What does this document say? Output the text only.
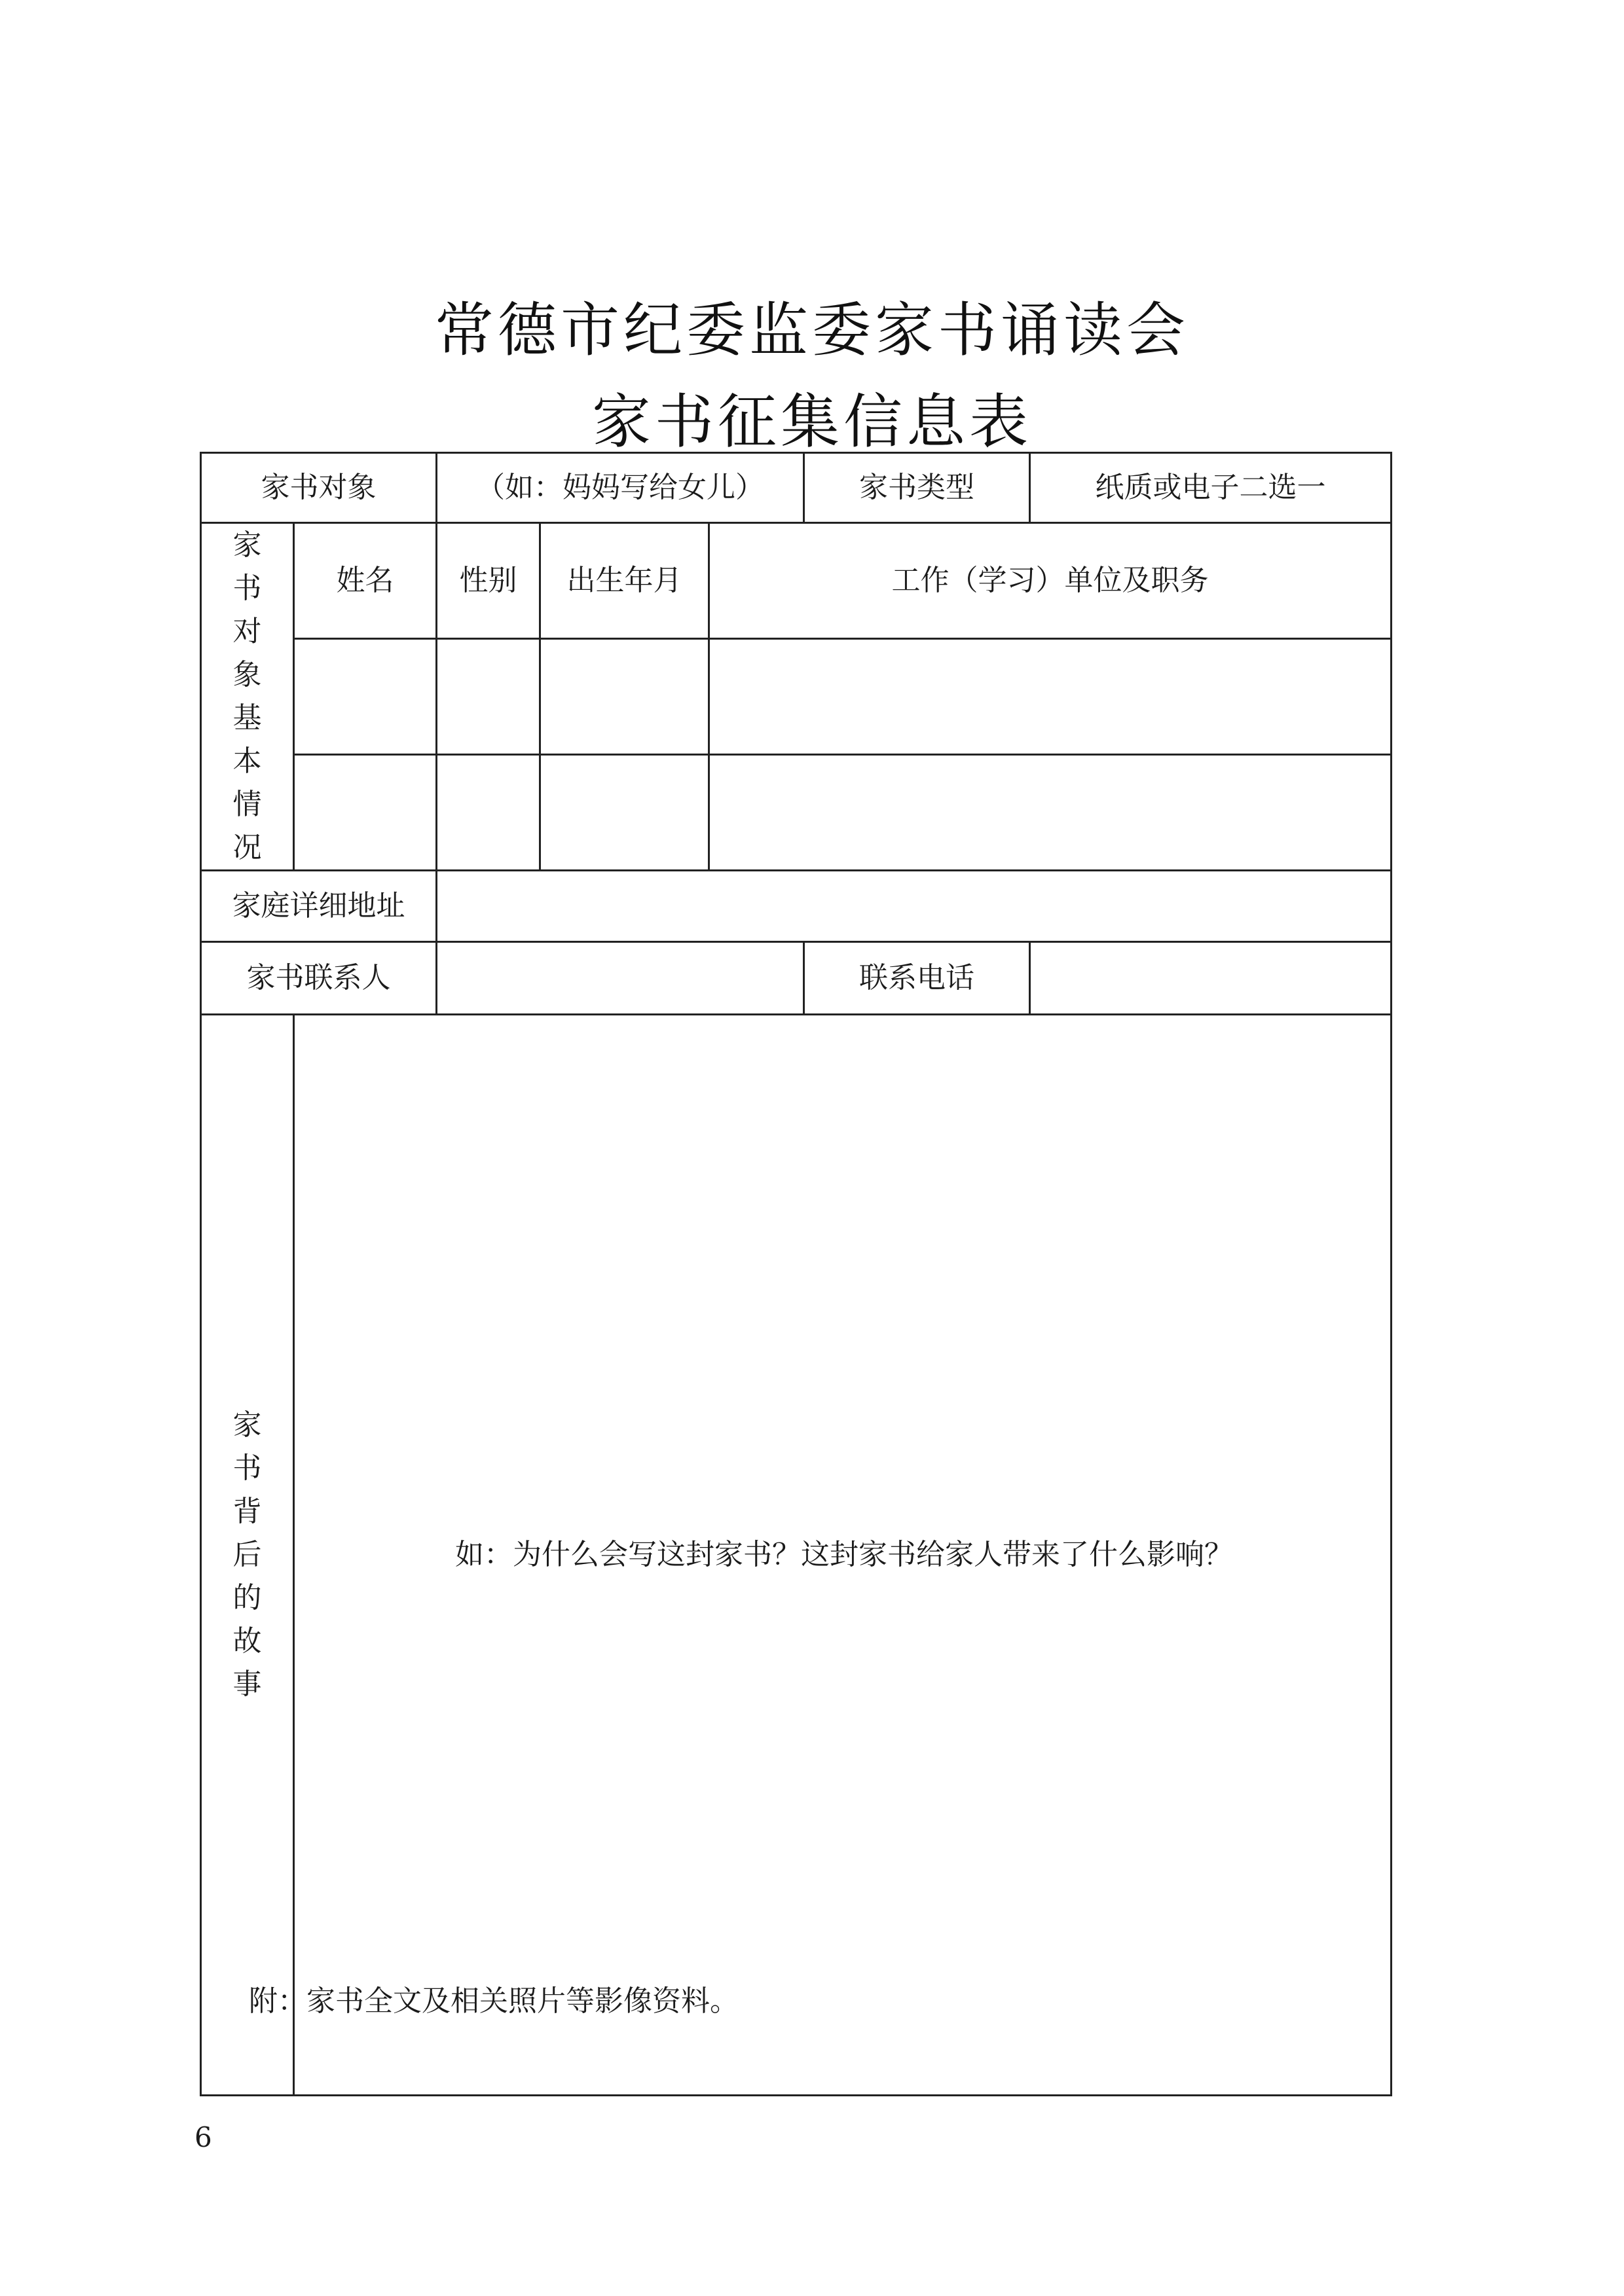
常德市纪委监委家书诵读会
家书征集信息表
家书对象		（如：妈妈写给女儿）			家书类型	纸质或电子二选一

家书对象基本情况	姓名	性别	出生年月	工作（学习）单位及职务		

家庭详细地址						
家书联系人					联系电话	

家书背后的故事	如：为什么会写这封家书？这封家书给家人带来了什么影响？					
附：家书全文及相关照片等影像资料。
6
